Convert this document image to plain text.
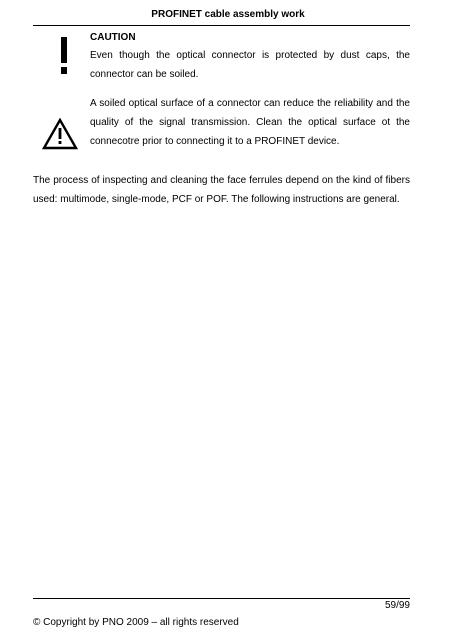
PROFINET cable assembly work
CAUTION

Even though the optical connector is protected by dust caps, the connector can be soiled.

A soiled optical surface of a connector can reduce the reliability and the quality of the signal transmission. Clean the optical surface ot the connecotre prior to connecting it to a PROFINET device.

The process of inspecting and cleaning the face ferrules depend on the kind of fibers used: multimode, single-mode, PCF or POF. The following instructions are general.

59/99
© Copyright by PNO 2009 – all rights reserved
